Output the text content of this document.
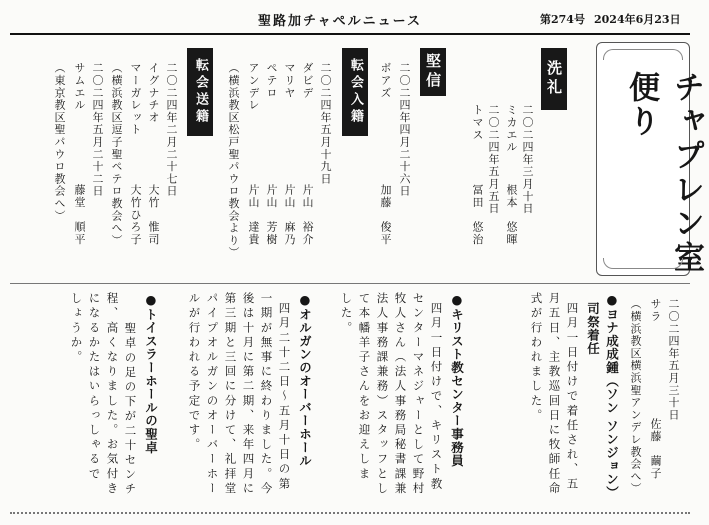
聖路加チャペルニュース	第274号 2024年6月23日
洗礼
二〇二四年三月十日
ミカエル
根本　悠暉
二〇二四年五月五日
トマス
冨田　悠治
堅信
二〇二四年四月二十六日
ボアズ
加藤　俊平
転会入籍
二〇二四年五月十九日
ダビデ
片山　裕介
マリヤ
片山　麻乃
ペテロ
片山　芳樹
アンデレ
片山　達貴
（横浜教区松戸聖パウロ教会より）
転会送籍
二〇二四年二月二十七日
イグナチオ
大竹　惟司
マーガレット
大竹ひろ子
（横浜教区逗子聖ペテロ教会へ）
二〇二四年五月二十二日
サムエル
藤堂　順平
（東京教区聖パウロ教会へ）	チャプレン室便り
二〇二四年五月三十日
サラ
佐藤　繭子
（横浜教区横浜聖アンデレ教会へ）
●ヨナ成成鍾（ソン ソンジョン）
司祭着任
四月一日付けで着任され、五
月五日、主教巡回日に牧師任命
式が行われました。
●キリスト教センター事務員
四月一日付けで、キリスト教
センターマネジャーとして野村
牧人さん（法人事務局秘書課兼
法人事務課兼務）スタッフとし
て本幡羊子さんをお迎えしま
した。
●オルガンのオーバーホール
四月二十二日～五月十日の第
一期が無事に終わりました。今
後は十月に第二期、来年四月に
第三期と三回に分けて、礼拝堂
パイプオルガンのオーバーホー
ルが行われる予定です。
●トイスラーホールの聖卓
聖卓の足の下が二十センチ
程、高くなりました。お気付き
になるかたはいらっしゃるで
しょうか。
